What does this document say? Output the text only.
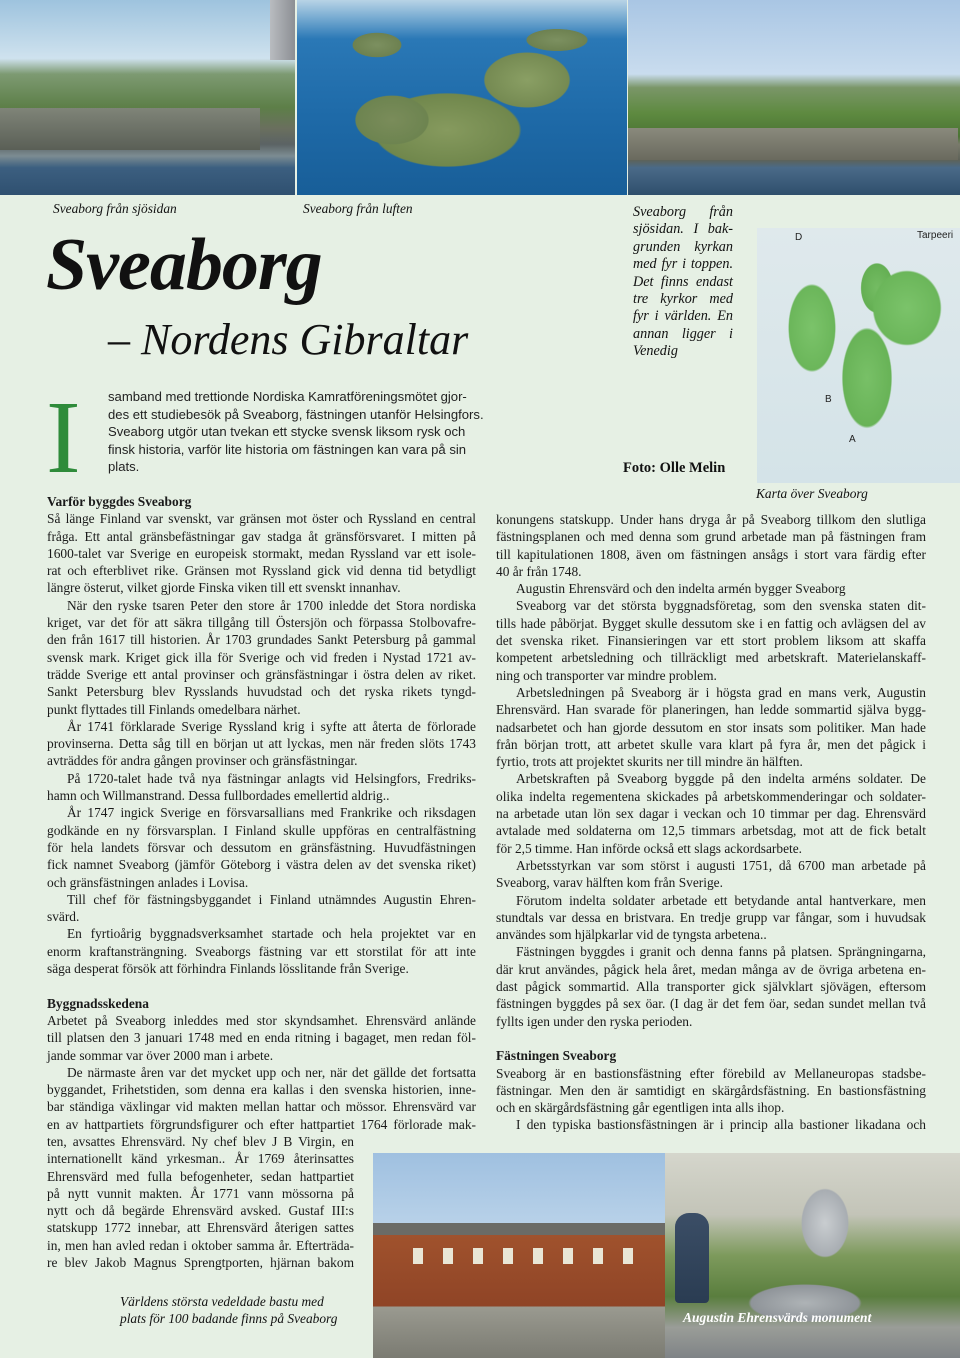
Sveaborg från sjösidan	Sveaborg från luften
Sveaborg
– Nordens Gibraltar
Sveaborg från
sjösidan. I bak-
grunden kyrkan
med fyr i toppen.
Det finns endast
tre kyrkor med
fyr i världen. En
annan ligger i
Venedig
D	Tarpeeri
B
A
Foto: Olle Melin
Karta över Sveaborg
I samband med trettionde Nordiska Kamratföreningsmötet gjor-
des ett studiebesök på Sveaborg, fästningen utanför Helsingfors.
Sveaborg utgör utan tvekan ett stycke svensk liksom rysk och
finsk historia, varför lite historia om fästningen kan vara på sin
plats.
Varför byggdes Sveaborg
Så länge Finland var svenskt, var gränsen mot öster och Ryssland en central
fråga. Ett antal gränsbefästningar gav stadga åt gränsförsvaret. I mitten på
1600-talet var Sverige en europeisk stormakt, medan Ryssland var ett isole-
rat och efterblivet rike. Gränsen mot Ryssland gick vid denna tid betydligt
längre österut, vilket gjorde Finska viken till ett svenskt innanhav.
När den ryske tsaren Peter den store år 1700 inledde det Stora nordiska
kriget, var det för att säkra tillgång till Östersjön och förpassa Stolbovafre-
den från 1617 till historien. År 1703 grundades Sankt Petersburg på gammal
svensk mark. Kriget gick illa för Sverige och vid freden i Nystad 1721 av-
trädde Sverige ett antal provinser och gränsfästningar i östra delen av riket.
Sankt Petersburg blev Rysslands huvudstad och det ryska rikets tyngd-
punkt flyttades till Finlands omedelbara närhet.
År 1741 förklarade Sverige Ryssland krig i syfte att återta de förlorade
provinserna. Detta såg till en början ut att lyckas, men när freden slöts 1743
avträddes för andra gången provinser och gränsfästningar.
På 1720-talet hade två nya fästningar anlagts vid Helsingfors, Fredriks-
hamn och Willmanstrand. Dessa fullbordades emellertid aldrig..
År 1747 ingick Sverige en försvarsallians med Frankrike och riksdagen
godkände en ny försvarsplan. I Finland skulle uppföras en centralfästning
för hela landets försvar och dessutom en gränsfästning. Huvudfästningen
fick namnet Sveaborg (jämför Göteborg i västra delen av det svenska riket)
och gränsfästningen anlades i Lovisa.
Till chef för fästningsbyggandet i Finland utnämndes Augustin Ehren-
svärd.
En fyrtioårig byggnadsverksamhet startade och hela projektet var en
enorm kraftansträngning. Sveaborgs fästning var ett storstilat för att inte
säga desperat försök att förhindra Finlands lösslitande från Sverige.
Byggnadsskedena
Arbetet på Sveaborg inleddes med stor skyndsamhet. Ehrensvärd anlände
till platsen den 3 januari 1748 med en enda ritning i bagaget, men redan föl-
jande sommar var över 2000 man i arbete.
De närmaste åren var det mycket upp och ner, när det gällde det fortsatta
byggandet, Frihetstiden, som denna era kallas i den svenska historien, inne-
bar ständiga växlingar vid makten mellan hattar och mössor. Ehrensvärd var
en av hattpartiets förgrundsfigurer och efter hattpartiet 1764 förlorade mak-
ten, avsattes Ehrensvärd. Ny chef blev J B Virgin, en
internationellt känd yrkesman.. År 1769 återinsattes
Ehrensvärd med fulla befogenheter, sedan hattpartiet
på nytt vunnit makten. År 1771 vann mössorna på
nytt och då begärde Ehrensvärd avsked. Gustaf III:s
statskupp 1772 innebar, att Ehrensvärd återigen sattes
in, men han avled redan i oktober samma år. Efterträda-
re blev Jakob Magnus Sprengtporten, hjärnan bakom
konungens statskupp. Under hans dryga år på Sveaborg tillkom den slutliga
fästningsplanen och med denna som grund arbetade man på fästningen fram
till kapitulationen 1808, även om fästningen ansågs i stort vara färdig efter
40 år från 1748.
Augustin Ehrensvärd och den indelta armén bygger Sveaborg
Sveaborg var det största byggnadsföretag, som den svenska staten dit-
tills hade påbörjat. Bygget skulle dessutom ske i en fattig och avlägsen del av
det svenska riket. Finansieringen var ett stort problem liksom att skaffa
kompetent arbetsledning och tillräckligt med arbetskraft. Materielanskaff-
ning och transporter var mindre problem.
Arbetsledningen på Sveaborg är i högsta grad en mans verk, Augustin
Ehrensvärd. Han svarade för planeringen, han ledde sommartid själva bygg-
nadsarbetet och han gjorde dessutom en stor insats som politiker. Man hade
från början trott, att arbetet skulle vara klart på fyra år, men det pågick i
fyrtio, trots att projektet skurits ner till mindre än hälften.
Arbetskraften på Sveaborg byggde på den indelta arméns soldater. De
olika indelta regementena skickades på arbetskommenderingar och soldater-
na arbetade utan lön sex dagar i veckan och 10 timmar per dag. Ehrensvärd
avtalade med soldaterna om 12,5 timmars arbetsdag, mot att de fick betalt
för 2,5 timme. Han införde också ett slags ackordsarbete.
Arbetsstyrkan var som störst i augusti 1751, då 6700 man arbetade på
Sveaborg, varav hälften kom från Sverige.
Förutom indelta soldater arbetade ett betydande antal hantverkare, men
stundtals var dessa en bristvara. En tredje grupp var fångar, som i huvudsak
användes som hjälpkarlar vid de tyngsta arbetena..
Fästningen byggdes i granit och denna fanns på platsen. Sprängningarna,
där krut användes, pågick hela året, medan många av de övriga arbetena en-
dast pågick sommartid. Alla transporter gick självklart sjövägen, eftersom
fästningen byggdes på sex öar. (I dag är det fem öar, sedan sundet mellan två
fyllts igen under den ryska perioden.
Fästningen Sveaborg
Sveaborg är en bastionsfästning efter förebild av Mellaneuropas stadsbe-
fästningar. Men den är samtidigt en skärgårdsfästning. En bastionsfästning
och en skärgårdsfästning går egentligen inta alls ihop.
I den typiska bastionsfästningen är i princip alla bastioner likadana och
Augustin Ehrensvärds monument
Världens största vedeldade bastu med
plats för 100 badande finns på Sveaborg
